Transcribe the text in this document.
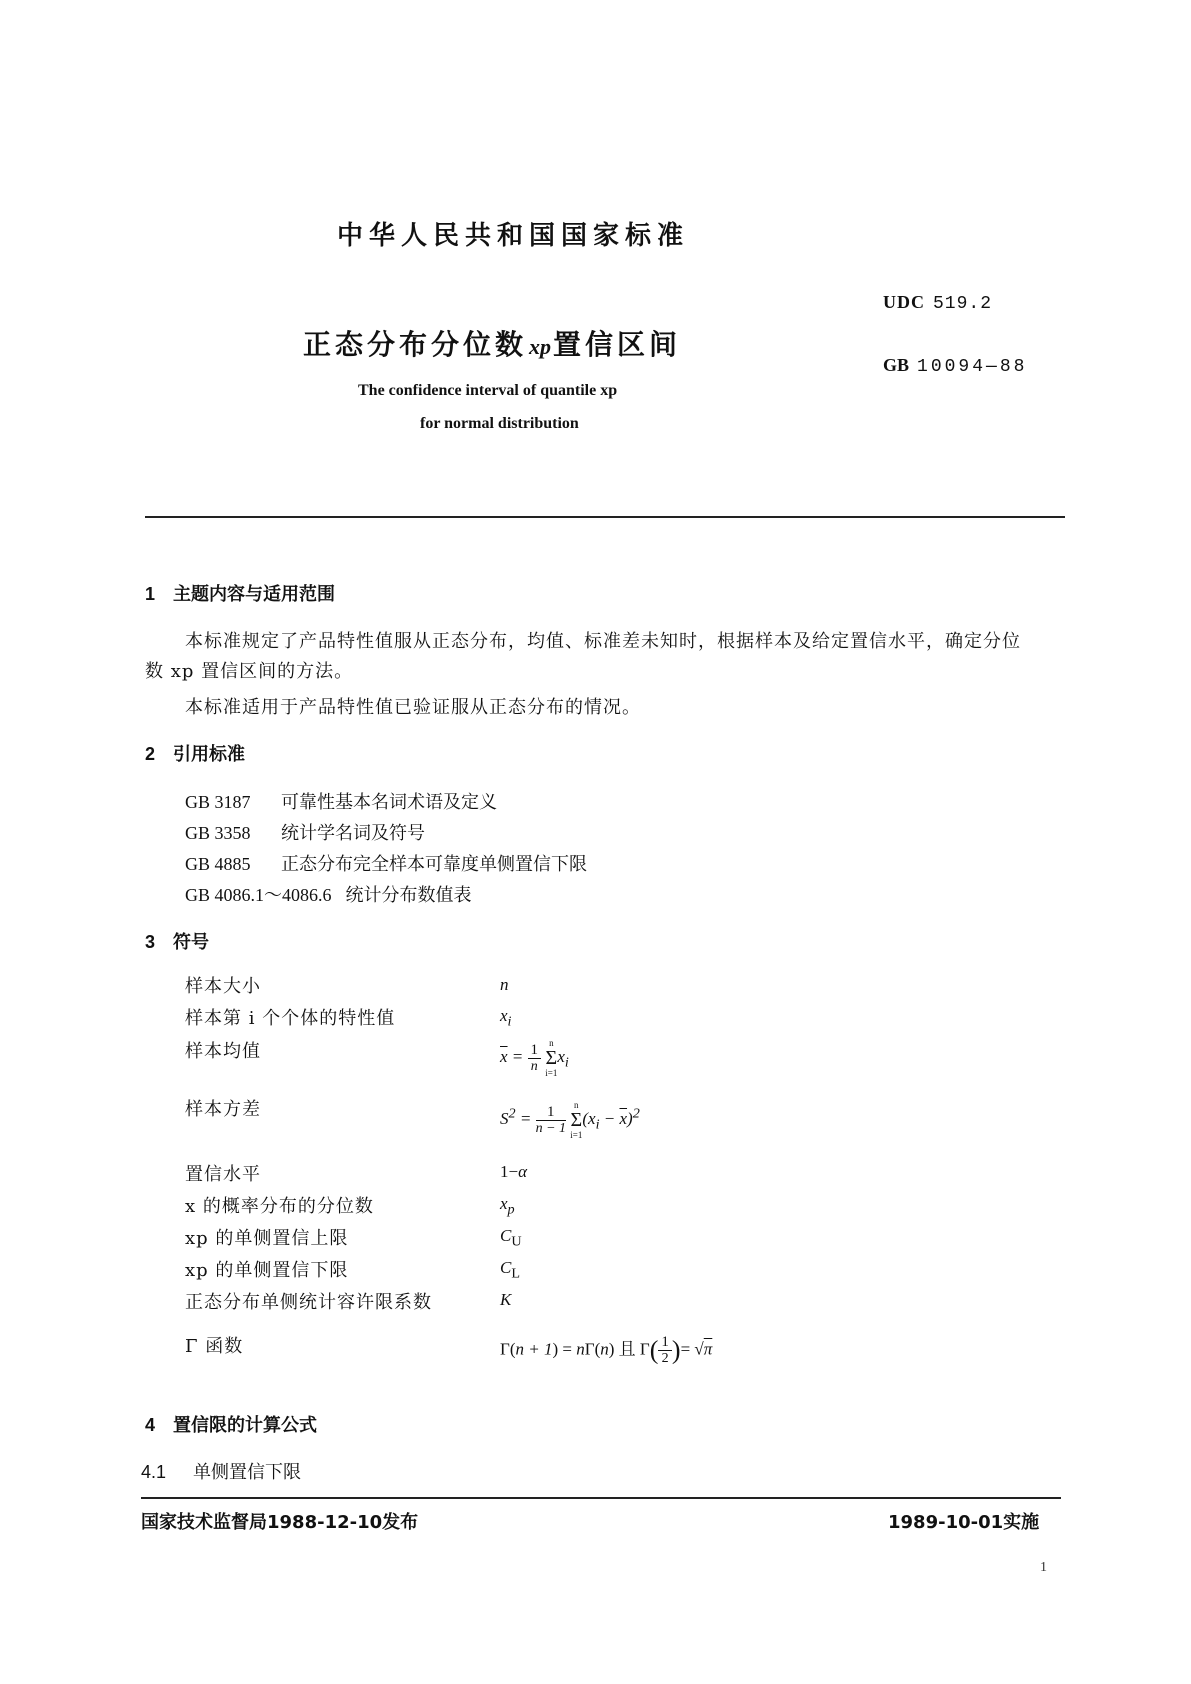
中华人民共和国国家标准
UDC 519.2
正态分布分位数xp置信区间
GB 10094—88
The confidence interval of quantile xp
for normal distribution
1 主题内容与适用范围
本标准规定了产品特性值服从正态分布，均值、标准差未知时，根据样本及给定置信水平，确定分位
数 xp 置信区间的方法。
本标准适用于产品特性值已验证服从正态分布的情况。
2 引用标准
GB 3187 可靠性基本名词术语及定义
GB 3358 统计学名词及符号
GB 4885 正态分布完全样本可靠度单侧置信下限
GB 4086.1～4086.6 统计分布数值表
3 符号
样本大小	n
样本第 i 个个体的特性值	$x_i$
样本均值	$\overline{x} = \frac{1}{n}$
n
Σ
i=1
$x_i$
样本方差	$S^2 = \frac{1}{n - 1}$
n
Σ
i=1
$(x_i - \overline{x})^2$
置信水平	1−α
x 的概率分布的分位数	$x_p$
xp 的单侧置信上限	$C_U$
xp 的单侧置信下限	$C_L$
正态分布单侧统计容许限系数	K
Γ 函数	Γ(n + 1) = nΓ(n) 且 $\Gamma( \frac{1}{2}$ )= √π
4 置信限的计算公式
4.1 单侧置信下限
国家技术监督局1988-12-10发布	1989-10-01实施
1
